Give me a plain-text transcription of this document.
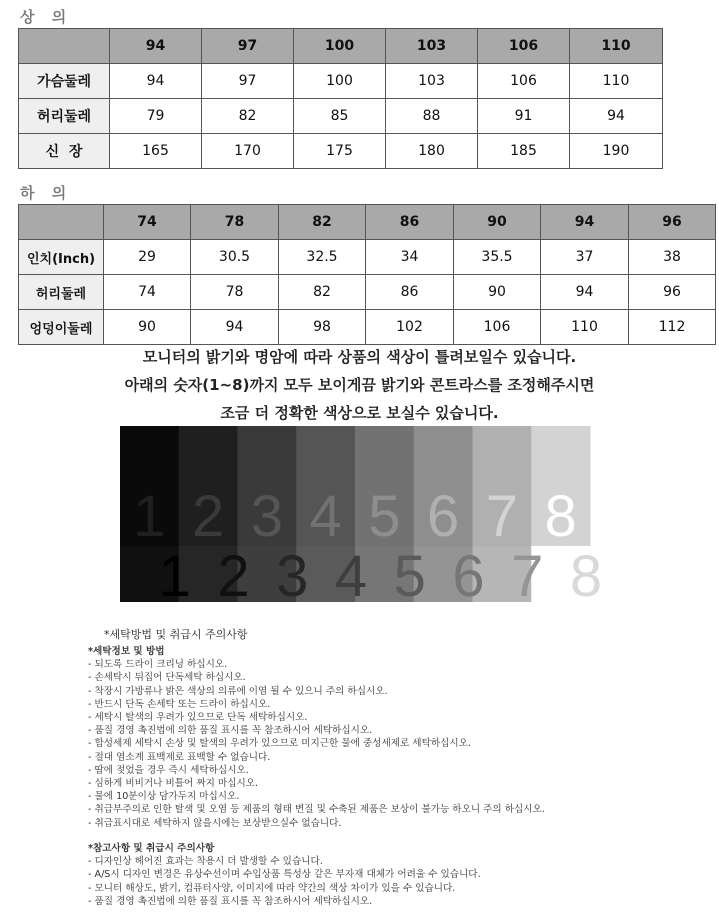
상 의
	94	97	100	103	106	110
가슴둘레	94	97	100	103	106	110
허리둘레	79	82	85	88	91	94
신  장	165	170	175	180	185	190
하 의
	74	78	82	86	90	94	96
인치(Inch)	29	30.5	32.5	34	35.5	37	38
허리둘레	74	78	82	86	90	94	96
엉덩이둘레	90	94	98	102	106	110	112
모니터의 밝기와 명암에 따라 상품의 색상이 틀려보일수 있습니다.
아래의 숫자(1~8)까지 모두 보이게끔 밝기와 콘트라스를 조정해주시면
조금 더 정확한 색상으로 보실수 있습니다.
1
1
2
2
3
3
4
4
5
5
6
6
7
7
8
8
*세탁방법 및 취급시 주의사항
*세탁정보 및 방법
- 되도록 드라이 크리닝 하십시오.
- 손세탁시 뒤집어 단독세탁 하십시오.
- 착장시 가방류나 밝은 색상의 의류에 이염 될 수 있으니 주의 하십시오.
- 반드시 단독 손세탁 또는 드라이 하십시오.
- 세탁시 탈색의 우려가 있으므로 단독 세탁하십시오.
- 품질 경영 촉진법에 의한 품질 표시를 꼭 참조하시어 세탁하십시오.
- 합성세제 세탁시 손상 및 탈색의 우려가 있으므로 미지근한 물에 중성세제로 세탁하십시오.
- 절대 염소계 표백제로 표백할 수 없습니다.
- 땀에 젖었을 경우 즉시 세탁하십시오.
- 심하게 비비거나 비틀어 짜지 마십시오.
- 물에 10분이상 담가두지 마십시오.
- 취급부주의로 인한 탈색 및 오염 등 제품의 형태 변질 및 수축된 제품은 보상이 불가능 하오니 주의 하십시오.
- 취급표시대로 세탁하지 않을시에는 보상받으실수 없습니다.
*참고사항 및 취급시 주의사항
- 디자인상 헤어진 효과는 착용시 더 발생할 수 있습니다.
- A/S시 디자인 변경은 유상수선이며 수입상품 특성상 같은 부자재 대체가 어려울 수 있습니다.
- 모니터 해상도, 밝기, 컴퓨터사양, 이미지에 따라 약간의 색상 차이가 있을 수 있습니다.
- 품질 경영 촉진법에 의한 품질 표시를 꼭 참조하시어 세탁하십시오.
